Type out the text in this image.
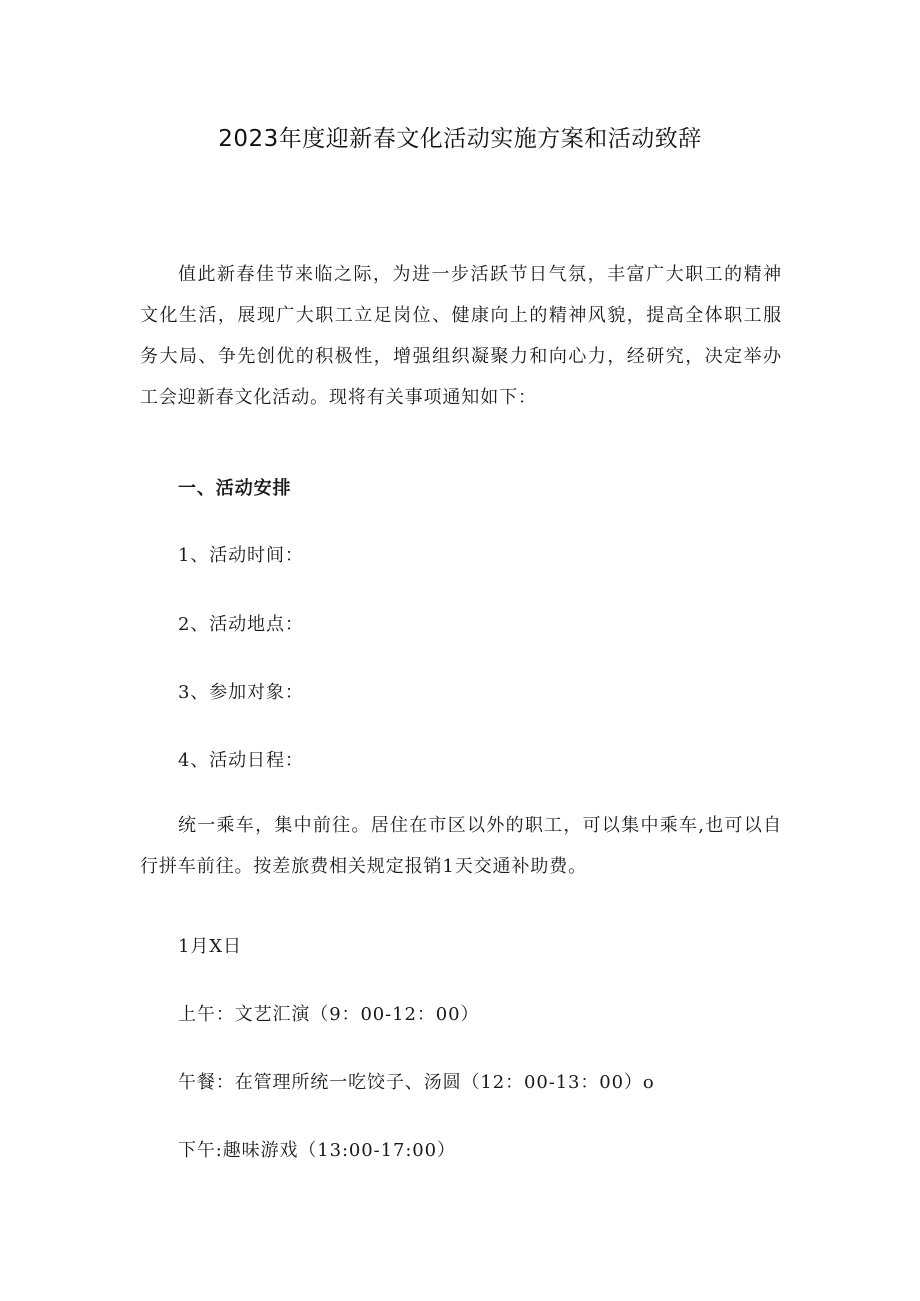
2023年度迎新春文化活动实施方案和活动致辞
值此新春佳节来临之际，为进一步活跃节日气氛，丰富广大职工的精神文化生活，展现广大职工立足岗位、健康向上的精神风貌，提高全体职工服务大局、争先创优的积极性，增强组织凝聚力和向心力，经研究，决定举办工会迎新春文化活动。现将有关事项通知如下：
一、活动安排
1、活动时间：
2、活动地点：
3、参加对象：
4、活动日程：
统一乘车，集中前往。居住在市区以外的职工，可以集中乘车,也可以自行拼车前往。按差旅费相关规定报销1天交通补助费。
1月X日
上午：文艺汇演（9：00-12：00）
午餐：在管理所统一吃饺子、汤圆（12：00-13：00）o
下午:趣味游戏（13:00-17:00）
